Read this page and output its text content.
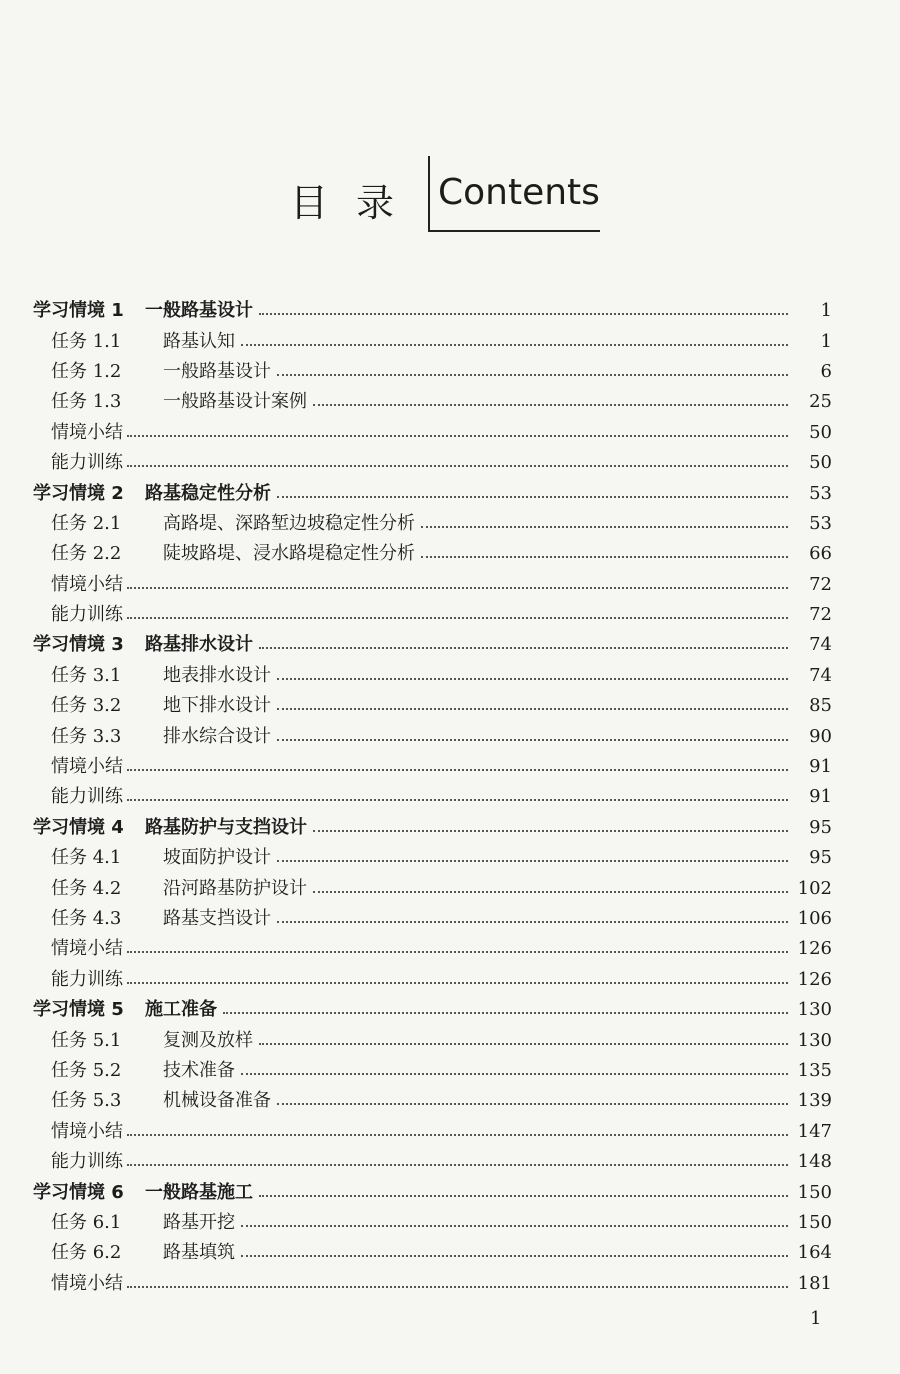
目录 Contents
学习情境 1	一般路基设计	1
任务 1.1	路基认知	1
任务 1.2	一般路基设计	6
任务 1.3	一般路基设计案例	25
情境小结	50
能力训练	50
学习情境 2	路基稳定性分析	53
任务 2.1	高路堤、深路堑边坡稳定性分析	53
任务 2.2	陡坡路堤、浸水路堤稳定性分析	66
情境小结	72
能力训练	72
学习情境 3	路基排水设计	74
任务 3.1	地表排水设计	74
任务 3.2	地下排水设计	85
任务 3.3	排水综合设计	90
情境小结	91
能力训练	91
学习情境 4	路基防护与支挡设计	95
任务 4.1	坡面防护设计	95
任务 4.2	沿河路基防护设计	102
任务 4.3	路基支挡设计	106
情境小结	126
能力训练	126
学习情境 5	施工准备	130
任务 5.1	复测及放样	130
任务 5.2	技术准备	135
任务 5.3	机械设备准备	139
情境小结	147
能力训练	148
学习情境 6	一般路基施工	150
任务 6.1	路基开挖	150
任务 6.2	路基填筑	164
情境小结	181
1
